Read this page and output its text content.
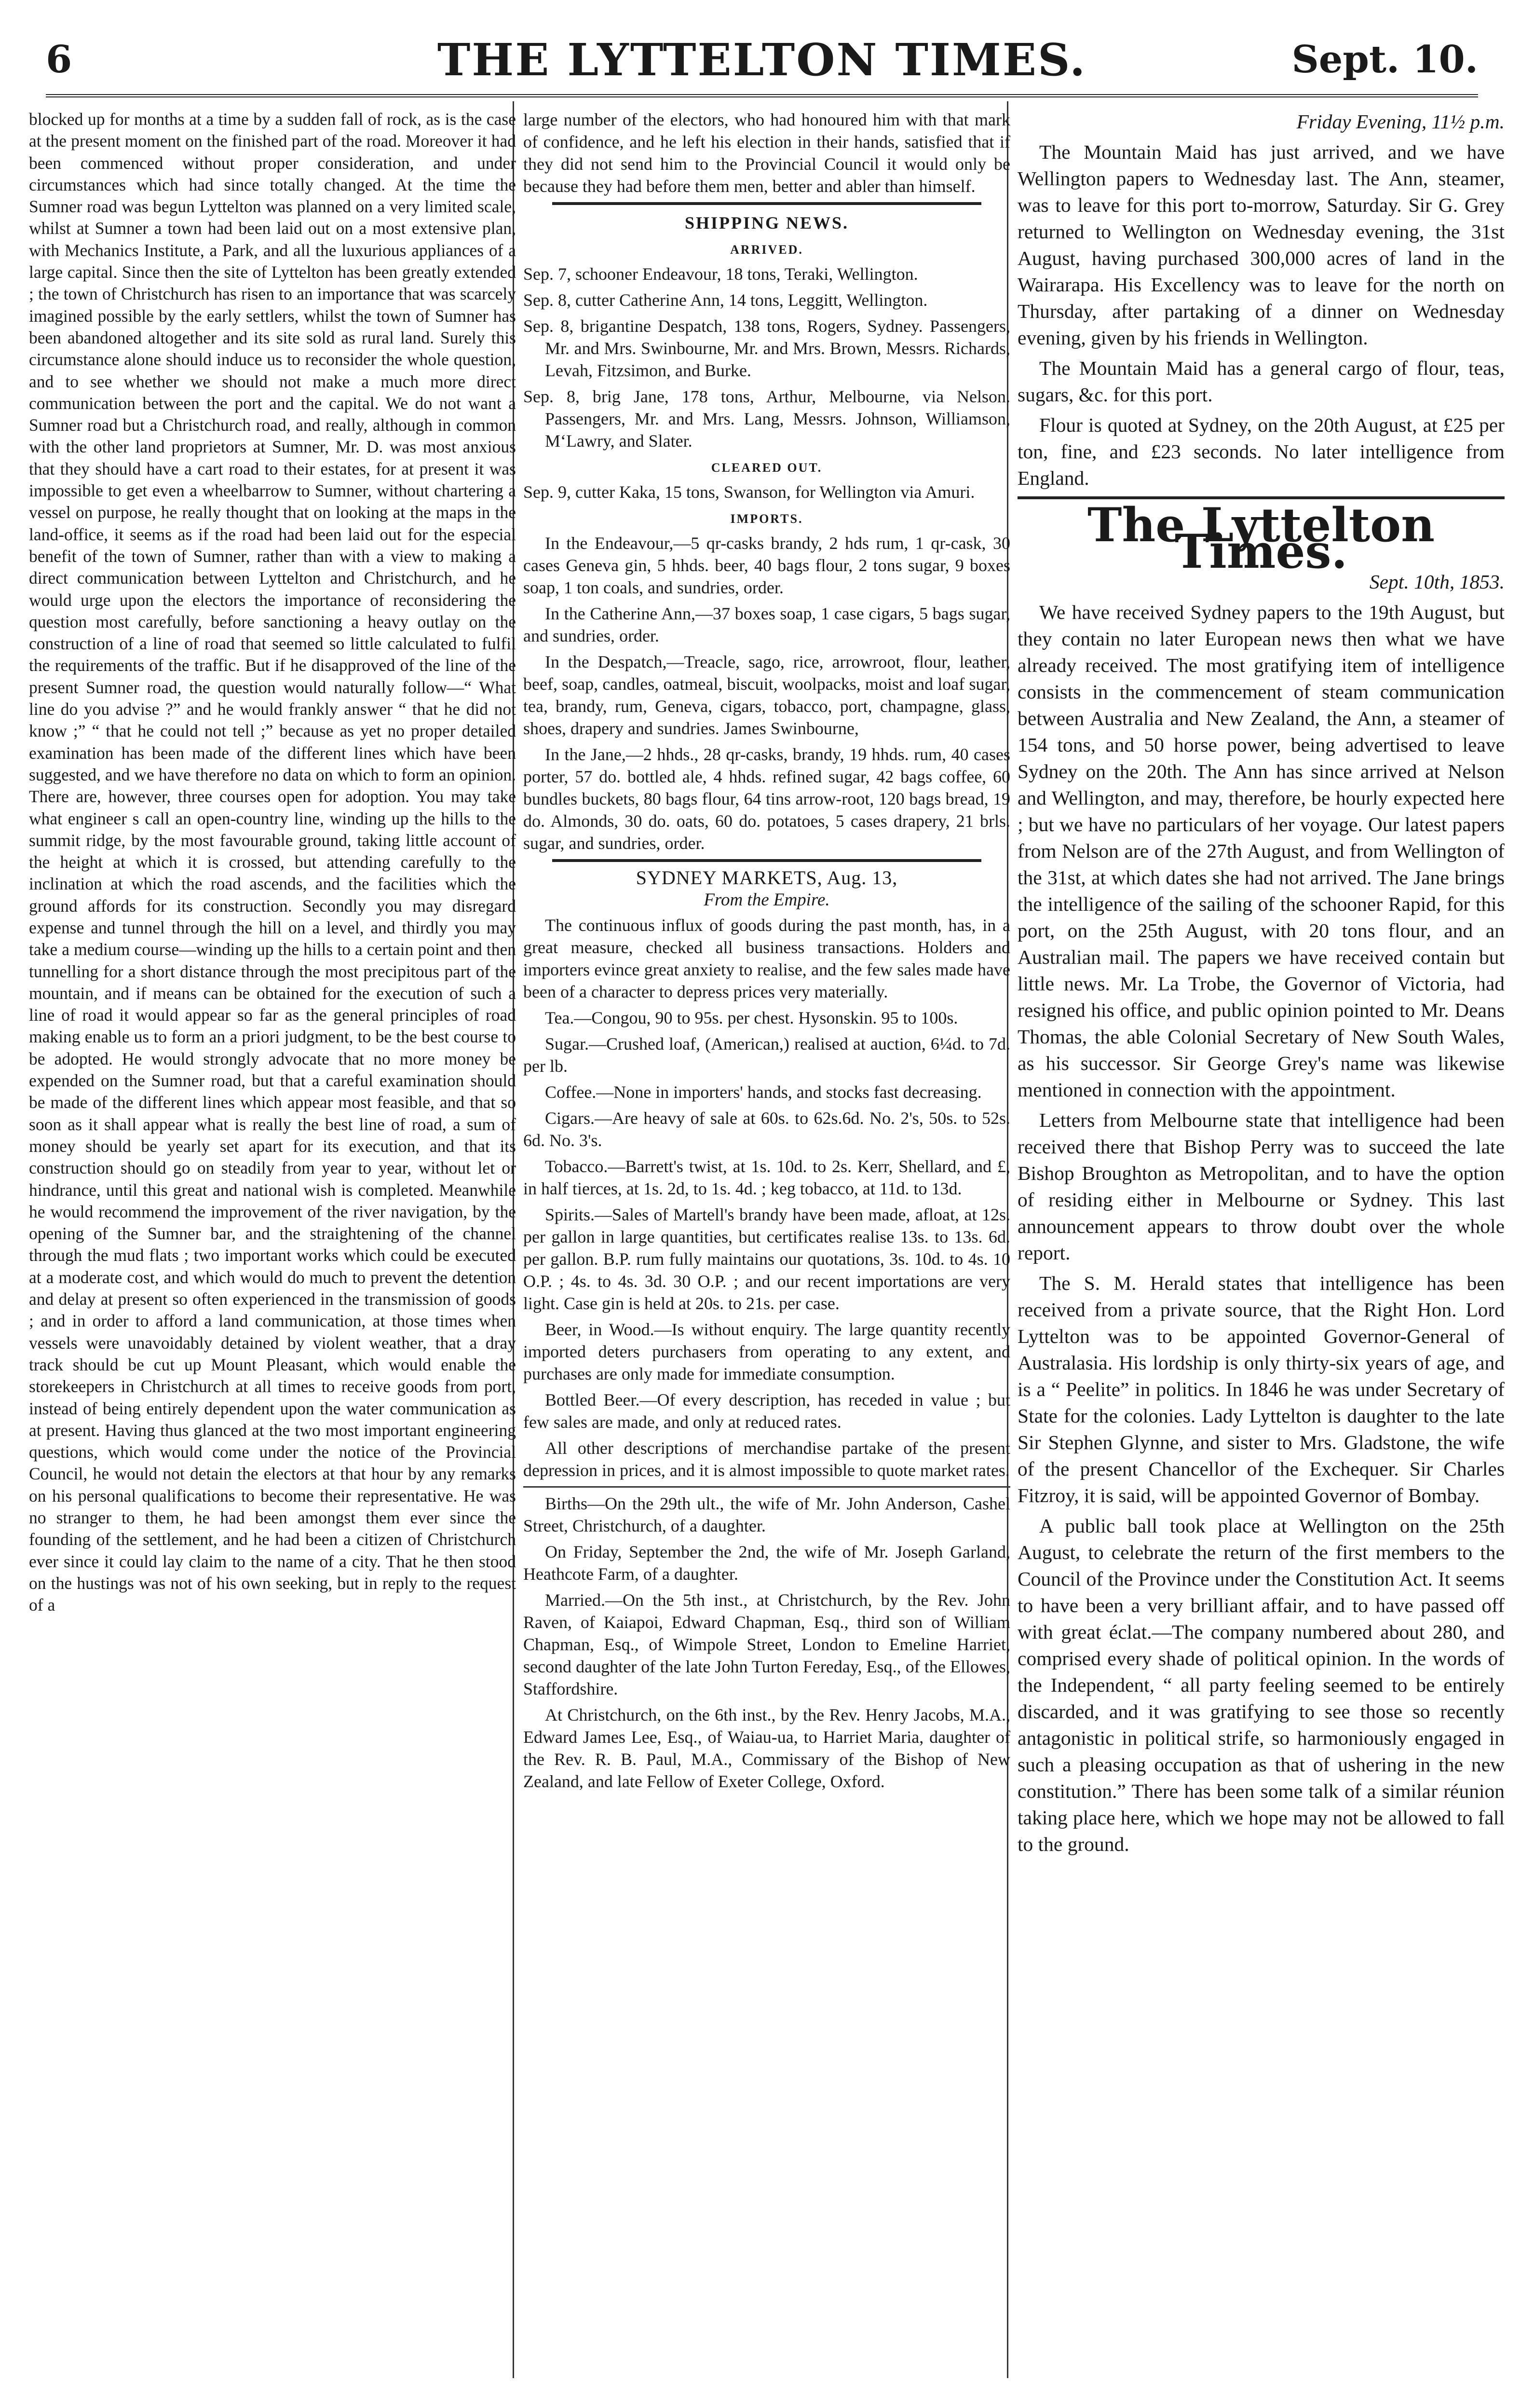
6	THE LYTTELTON TIMES.	Sept. 10.

blocked up for months at a time by a sudden fall of rock, as is the case at the present moment on the finished part of the road. Moreover it had been commenced without proper consideration, and under circumstances which had since totally changed. At the time the Sumner road was begun Lyttelton was planned on a very limited scale, whilst at Sumner a town had been laid out on a most extensive plan, with Mechanics Institute, a Park, and all the luxurious appliances of a large capital. Since then the site of Lyttelton has been greatly extended ; the town of Christchurch has risen to an importance that was scarcely imagined possible by the early settlers, whilst the town of Sumner has been abandoned altogether and its site sold as rural land. Surely this circumstance alone should induce us to reconsider the whole question, and to see whether we should not make a much more direct communication between the port and the capital. We do not want a Sumner road but a Christchurch road, and really, although in common with the other land proprietors at Sumner, Mr. D. was most anxious that they should have a cart road to their estates, for at present it was impossible to get even a wheelbarrow to Sumner, without chartering a vessel on purpose, he really thought that on looking at the maps in the land-office, it seems as if the road had been laid out for the especial benefit of the town of Sumner, rather than with a view to making a direct communication between Lyttelton and Christchurch, and he would urge upon the electors the importance of reconsidering the question most carefully, before sanctioning a heavy outlay on the construction of a line of road that seemed so little calculated to fulfil the requirements of the traffic. But if he disapproved of the line of the present Sumner road, the question would naturally follow—“ What line do you advise ?” and he would frankly answer “ that he did not know ;” “ that he could not tell ;” because as yet no proper detailed examination has been made of the different lines which have been suggested, and we have therefore no data on which to form an opinion. There are, however, three courses open for adoption. You may take what engineer s call an open-country line, winding up the hills to the summit ridge, by the most favourable ground, taking little account of the height at which it is crossed, but attending carefully to the inclination at which the road ascends, and the facilities which the ground affords for its construction. Secondly you may disregard expense and tunnel through the hill on a level, and thirdly you may take a medium course—winding up the hills to a certain point and then tunnelling for a short distance through the most precipitous part of the mountain, and if means can be obtained for the execution of such a line of road it would appear so far as the general principles of road making enable us to form an a priori judgment, to be the best course to be adopted. He would strongly advocate that no more money be expended on the Sumner road, but that a careful examination should be made of the different lines which appear most feasible, and that so soon as it shall appear what is really the best line of road, a sum of money should be yearly set apart for its execution, and that its construction should go on steadily from year to year, without let or hindrance, until this great and national wish is completed. Meanwhile he would recommend the improvement of the river navigation, by the opening of the Sumner bar, and the straightening of the channel through the mud flats ; two important works which could be executed at a moderate cost, and which would do much to prevent the detention and delay at present so often experienced in the transmission of goods ; and in order to afford a land communication, at those times when vessels were unavoidably detained by violent weather, that a dray track should be cut up Mount Pleasant, which would enable the storekeepers in Christchurch at all times to receive goods from port, instead of being entirely dependent upon the water communication as at present. Having thus glanced at the two most important engineering questions, which would come under the notice of the Provincial Council, he would not detain the electors at that hour by any remarks on his personal qualifications to become their representative. He was no stranger to them, he had been amongst them ever since the founding of the settlement, and he had been a citizen of Christchurch ever since it could lay claim to the name of a city. That he then stood on the hustings was not of his own seeking, but in reply to the request of a

large number of the electors, who had honoured him with that mark of confidence, and he left his election in their hands, satisfied that if they did not send him to the Provincial Council it would only be because they had before them men, better and abler than himself.

SHIPPING NEWS.
ARRIVED.

Sep. 7, schooner Endeavour, 18 tons, Teraki, Wellington.

Sep. 8, cutter Catherine Ann, 14 tons, Leggitt, Wellington.

Sep. 8, brigantine Despatch, 138 tons, Rogers, Sydney. Passengers, Mr. and Mrs. Swinbourne, Mr. and Mrs. Brown, Messrs. Richards, Levah, Fitzsimon, and Burke.

Sep. 8, brig Jane, 178 tons, Arthur, Melbourne, via Nelson. Passengers, Mr. and Mrs. Lang, Messrs. Johnson, Williamson, M‘Lawry, and Slater.

CLEARED OUT.

Sep. 9, cutter Kaka, 15 tons, Swanson, for Wellington via Amuri.

IMPORTS.

In the Endeavour,—5 qr-casks brandy, 2 hds rum, 1 qr-cask, 30 cases Geneva gin, 5 hhds. beer, 40 bags flour, 2 tons sugar, 9 boxes soap, 1 ton coals, and sundries, order.

In the Catherine Ann,—37 boxes soap, 1 case cigars, 5 bags sugar, and sundries, order.

In the Despatch,—Treacle, sago, rice, arrowroot, flour, leather, beef, soap, candles, oatmeal, biscuit, woolpacks, moist and loaf sugar, tea, brandy, rum, Geneva, cigars, tobacco, port, champagne, glass, shoes, drapery and sundries. James Swinbourne,

In the Jane,—2 hhds., 28 qr-casks, brandy, 19 hhds. rum, 40 cases porter, 57 do. bottled ale, 4 hhds. refined sugar, 42 bags coffee, 60 bundles buckets, 80 bags flour, 64 tins arrow-root, 120 bags bread, 19 do. Almonds, 30 do. oats, 60 do. potatoes, 5 cases drapery, 21 brls. sugar, and sundries, order.

SYDNEY MARKETS, Aug. 13,
From the Empire.

The continuous influx of goods during the past month, has, in a great measure, checked all business transactions. Holders and importers evince great anxiety to realise, and the few sales made have been of a character to depress prices very materially.

Tea.—Congou, 90 to 95s. per chest. Hysonskin. 95 to 100s.

Sugar.—Crushed loaf, (American,) realised at auction, 6¼d. to 7d. per lb.

Coffee.—None in importers' hands, and stocks fast decreasing.

Cigars.—Are heavy of sale at 60s. to 62s.6d. No. 2's, 50s. to 52s. 6d. No. 3's.

Tobacco.—Barrett's twist, at 1s. 10d. to 2s. Kerr, Shellard, and £, in half tierces, at 1s. 2d, to 1s. 4d. ; keg tobacco, at 11d. to 13d.

Spirits.—Sales of Martell's brandy have been made, afloat, at 12s. per gallon in large quantities, but certificates realise 13s. to 13s. 6d. per gallon. B.P. rum fully maintains our quotations, 3s. 10d. to 4s. 10 O.P. ; 4s. to 4s. 3d. 30 O.P. ; and our recent importations are very light. Case gin is held at 20s. to 21s. per case.

Beer, in Wood.—Is without enquiry. The large quantity recently imported deters purchasers from operating to any extent, and purchases are only made for immediate consumption.

Bottled Beer.—Of every description, has receded in value ; but few sales are made, and only at reduced rates.

All other descriptions of merchandise partake of the present depression in prices, and it is almost impossible to quote market rates.

Births—On the 29th ult., the wife of Mr. John Anderson, Cashel Street, Christchurch, of a daughter.

On Friday, September the 2nd, the wife of Mr. Joseph Garland, Heathcote Farm, of a daughter.

Married.—On the 5th inst., at Christchurch, by the Rev. John Raven, of Kaiapoi, Edward Chapman, Esq., third son of William Chapman, Esq., of Wimpole Street, London to Emeline Harriet, second daughter of the late John Turton Fereday, Esq., of the Ellowes, Staffordshire.

At Christchurch, on the 6th inst., by the Rev. Henry Jacobs, M.A., Edward James Lee, Esq., of Waiau-ua, to Harriet Maria, daughter of the Rev. R. B. Paul, M.A., Commissary of the Bishop of New Zealand, and late Fellow of Exeter College, Oxford.

Friday Evening, 11½ p.m.

The Mountain Maid has just arrived, and we have Wellington papers to Wednesday last. The Ann, steamer, was to leave for this port to-morrow, Saturday. Sir G. Grey returned to Wellington on Wednesday evening, the 31st August, having purchased 300,000 acres of land in the Wairarapa. His Excellency was to leave for the north on Thursday, after partaking of a dinner on Wednesday evening, given by his friends in Wellington.

The Mountain Maid has a general cargo of flour, teas, sugars, &c. for this port.

Flour is quoted at Sydney, on the 20th August, at £25 per ton, fine, and £23 seconds. No later intelligence from England.

The Lyttelton Times.

Sept. 10th, 1853.

We have received Sydney papers to the 19th August, but they contain no later European news then what we have already received. The most gratifying item of intelligence consists in the commencement of steam communication between Australia and New Zealand, the Ann, a steamer of 154 tons, and 50 horse power, being advertised to leave Sydney on the 20th. The Ann has since arrived at Nelson and Wellington, and may, therefore, be hourly expected here ; but we have no particulars of her voyage. Our latest papers from Nelson are of the 27th August, and from Wellington of the 31st, at which dates she had not arrived. The Jane brings the intelligence of the sailing of the schooner Rapid, for this port, on the 25th August, with 20 tons flour, and an Australian mail. The papers we have received contain but little news. Mr. La Trobe, the Governor of Victoria, had resigned his office, and public opinion pointed to Mr. Deans Thomas, the able Colonial Secretary of New South Wales, as his successor. Sir George Grey's name was likewise mentioned in connection with the appointment.

Letters from Melbourne state that intelligence had been received there that Bishop Perry was to succeed the late Bishop Broughton as Metropolitan, and to have the option of residing either in Melbourne or Sydney. This last announcement appears to throw doubt over the whole report.

The S. M. Herald states that intelligence has been received from a private source, that the Right Hon. Lord Lyttelton was to be appointed Governor-General of Australasia. His lordship is only thirty-six years of age, and is a “ Peelite” in politics. In 1846 he was under Secretary of State for the colonies. Lady Lyttelton is daughter to the late Sir Stephen Glynne, and sister to Mrs. Gladstone, the wife of the present Chancellor of the Exchequer. Sir Charles Fitzroy, it is said, will be appointed Governor of Bombay.

A public ball took place at Wellington on the 25th August, to celebrate the return of the first members to the Council of the Province under the Constitution Act. It seems to have been a very brilliant affair, and to have passed off with great éclat.—The company numbered about 280, and comprised every shade of political opinion. In the words of the Independent, “ all party feeling seemed to be entirely discarded, and it was gratifying to see those so recently antagonistic in political strife, so harmoniously engaged in such a pleasing occupation as that of ushering in the new constitution.” There has been some talk of a similar réunion taking place here, which we hope may not be allowed to fall to the ground.
